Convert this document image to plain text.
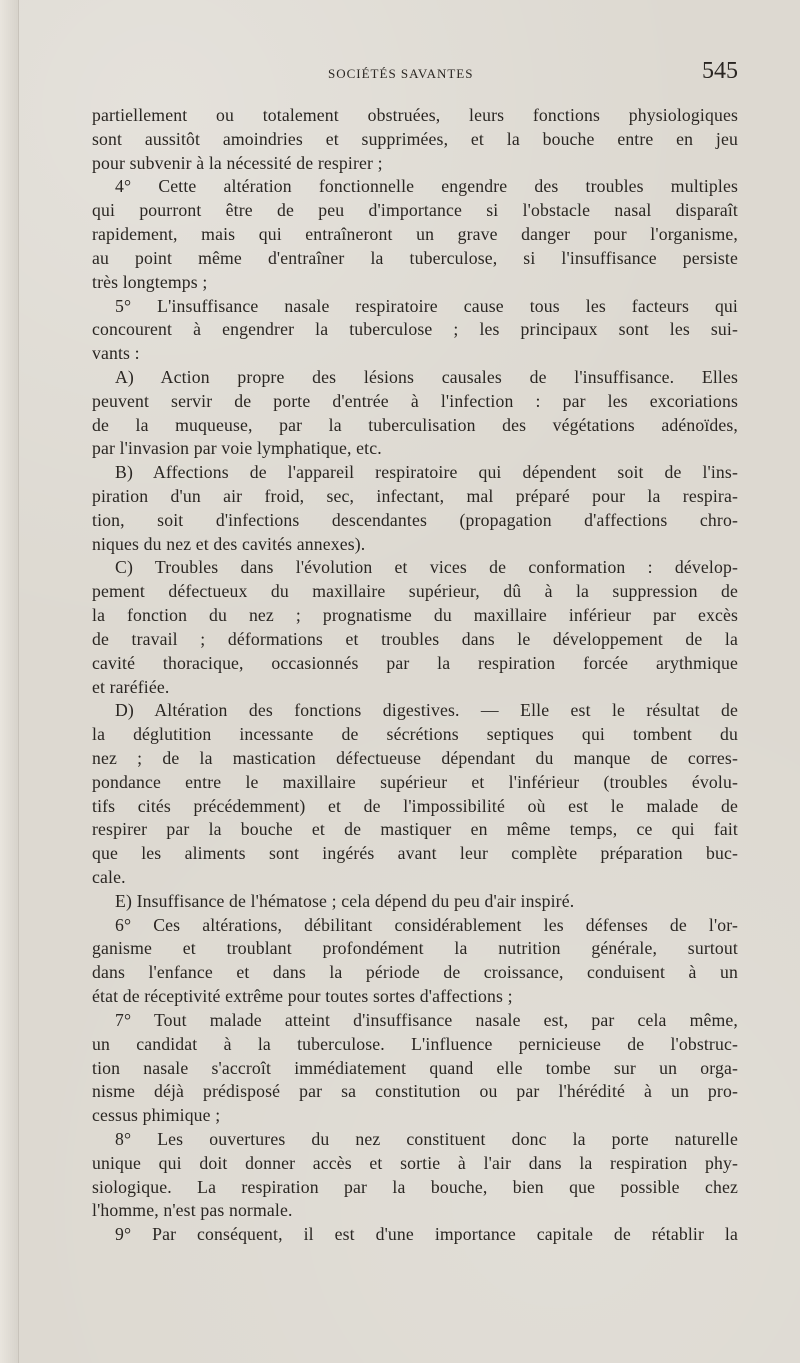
SOCIÉTÉS SAVANTES	545
partiellement ou totalement obstruées, leurs fonctions physiologiques
sont aussitôt amoindries et supprimées, et la bouche entre en jeu
pour subvenir à la nécessité de respirer ;
4° Cette altération fonctionnelle engendre des troubles multiples
qui pourront être de peu d'importance si l'obstacle nasal disparaît
rapidement, mais qui entraîneront un grave danger pour l'organisme,
au point même d'entraîner la tuberculose, si l'insuffisance persiste
très longtemps ;
5° L'insuffisance nasale respiratoire cause tous les facteurs qui
concourent à engendrer la tuberculose ; les principaux sont les sui-
vants :
A) Action propre des lésions causales de l'insuffisance. Elles
peuvent servir de porte d'entrée à l'infection : par les excoriations
de la muqueuse, par la tuberculisation des végétations adénoïdes,
par l'invasion par voie lymphatique, etc.
B) Affections de l'appareil respiratoire qui dépendent soit de l'ins-
piration d'un air froid, sec, infectant, mal préparé pour la respira-
tion, soit d'infections descendantes (propagation d'affections chro-
niques du nez et des cavités annexes).
C) Troubles dans l'évolution et vices de conformation : dévelop-
pement défectueux du maxillaire supérieur, dû à la suppression de
la fonction du nez ; prognatisme du maxillaire inférieur par excès
de travail ; déformations et troubles dans le développement de la
cavité thoracique, occasionnés par la respiration forcée arythmique
et raréfiée.
D) Altération des fonctions digestives. — Elle est le résultat de
la déglutition incessante de sécrétions septiques qui tombent du
nez ; de la mastication défectueuse dépendant du manque de corres-
pondance entre le maxillaire supérieur et l'inférieur (troubles évolu-
tifs cités précédemment) et de l'impossibilité où est le malade de
respirer par la bouche et de mastiquer en même temps, ce qui fait
que les aliments sont ingérés avant leur complète préparation buc-
cale.
E) Insuffisance de l'hématose ; cela dépend du peu d'air inspiré.
6° Ces altérations, débilitant considérablement les défenses de l'or-
ganisme et troublant profondément la nutrition générale, surtout
dans l'enfance et dans la période de croissance, conduisent à un
état de réceptivité extrême pour toutes sortes d'affections ;
7° Tout malade atteint d'insuffisance nasale est, par cela même,
un candidat à la tuberculose. L'influence pernicieuse de l'obstruc-
tion nasale s'accroît immédiatement quand elle tombe sur un orga-
nisme déjà prédisposé par sa constitution ou par l'hérédité à un pro-
cessus phimique ;
8° Les ouvertures du nez constituent donc la porte naturelle
unique qui doit donner accès et sortie à l'air dans la respiration phy-
siologique. La respiration par la bouche, bien que possible chez
l'homme, n'est pas normale.
9° Par conséquent, il est d'une importance capitale de rétablir la
